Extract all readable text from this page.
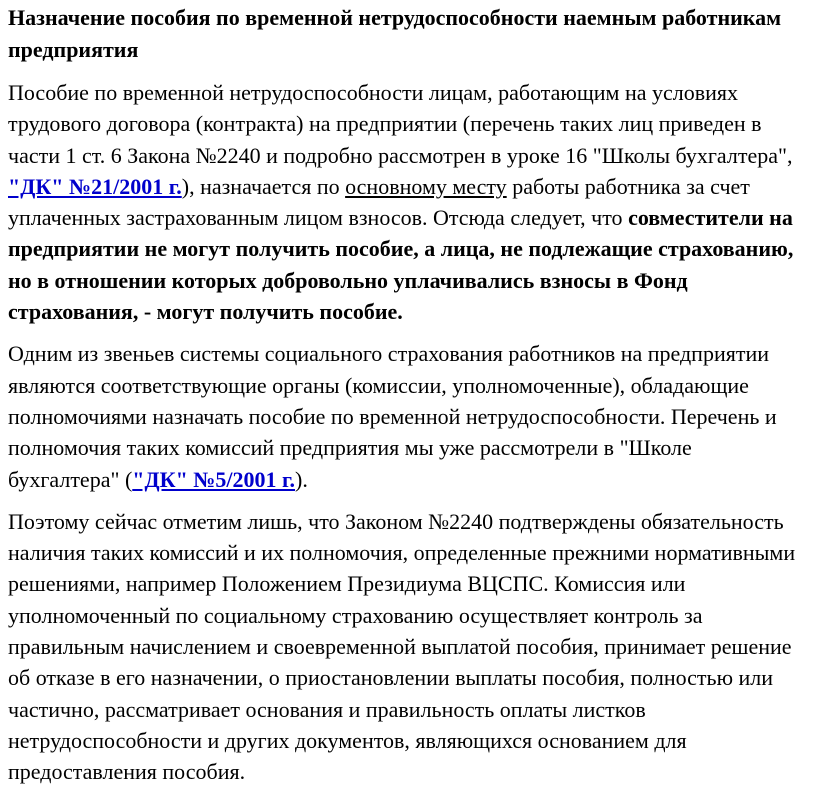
Назначение пособия по временной нетрудоспособности наемным работникам предприятия

Пособие по временной нетрудоспособности лицам, работающим на условиях трудового договора (контракта) на предприятии (перечень таких лиц приведен в части 1 ст. 6 Закона №2240 и подробно рассмотрен в уроке 16 "Школы бухгалтера", "ДК" №21/2001 г.), назначается по основному месту работы работника за счет уплаченных застрахованным лицом взносов. Отсюда следует, что совместители на предприятии не могут получить пособие, а лица, не подлежащие страхованию, но в отношении которых добровольно уплачивались взносы в Фонд страхования, - могут получить пособие.

Одним из звеньев системы социального страхования работников на предприятии являются соответствующие органы (комиссии, уполномоченные), обладающие полномочиями назначать пособие по временной нетрудоспособности. Перечень и полномочия таких комиссий предприятия мы уже рассмотрели в "Школе бухгалтера" ("ДК" №5/2001 г.).

Поэтому сейчас отметим лишь, что Законом №2240 подтверждены обязательность наличия таких комиссий и их полномочия, определенные прежними нормативными решениями, например Положением Президиума ВЦСПС. Комиссия или уполномоченный по социальному страхованию осуществляет контроль за правильным начислением и своевременной выплатой пособия, принимает решение об отказе в его назначении, о приостановлении выплаты пособия, полностью или частично, рассматривает основания и правильность оплаты листков нетрудоспособности и других документов, являющихся основанием для предоставления пособия.
